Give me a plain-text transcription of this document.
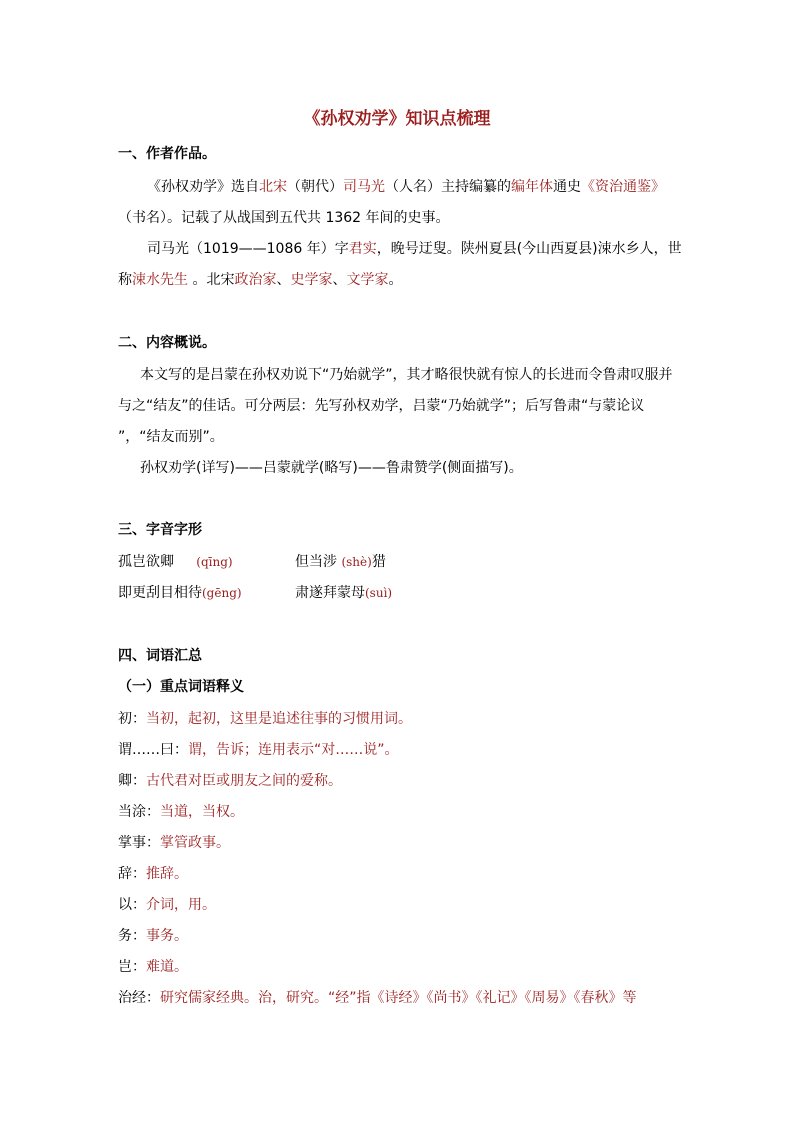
《孙权劝学》知识点梳理
一、作者作品。
《孙权劝学》选自北宋（朝代）司马光（人名）主持编纂的编年体通史《资治通鉴》
（书名）。记载了从战国到五代共 1362 年间的史事。
司马光（1019——1086 年）字君实，晚号迂叟。陕州夏县(今山西夏县)涑水乡人，世
称涑水先生 。北宋政治家、史学家、文学家。
二、内容概说。
本文写的是吕蒙在孙权劝说下“乃始就学”，其才略很快就有惊人的长进而令鲁肃叹服并
与之“结友”的佳话。可分两层：先写孙权劝学，吕蒙“乃始就学”；后写鲁肃“与蒙论议
”，“结友而别”。
孙权劝学(详写)——吕蒙就学(略写)——鲁肃赞学(侧面描写)。
三、字音字形
孤岂欲卿 (qīng)	但当涉 (shè)猎
即更刮目相待(gēng)	肃遂拜蒙母(suì)
四、词语汇总
（一）重点词语释义
初：当初，起初，这里是追述往事的习惯用词。
谓……曰：谓，告诉；连用表示“对……说”。
卿：古代君对臣或朋友之间的爱称。
当涂：当道，当权。
掌事：掌管政事。
辞：推辞。
以：介词，用。
务：事务。
岂：难道。
治经：研究儒家经典。治，研究。“经”指《诗经》《尚书》《礼记》《周易》《春秋》等
